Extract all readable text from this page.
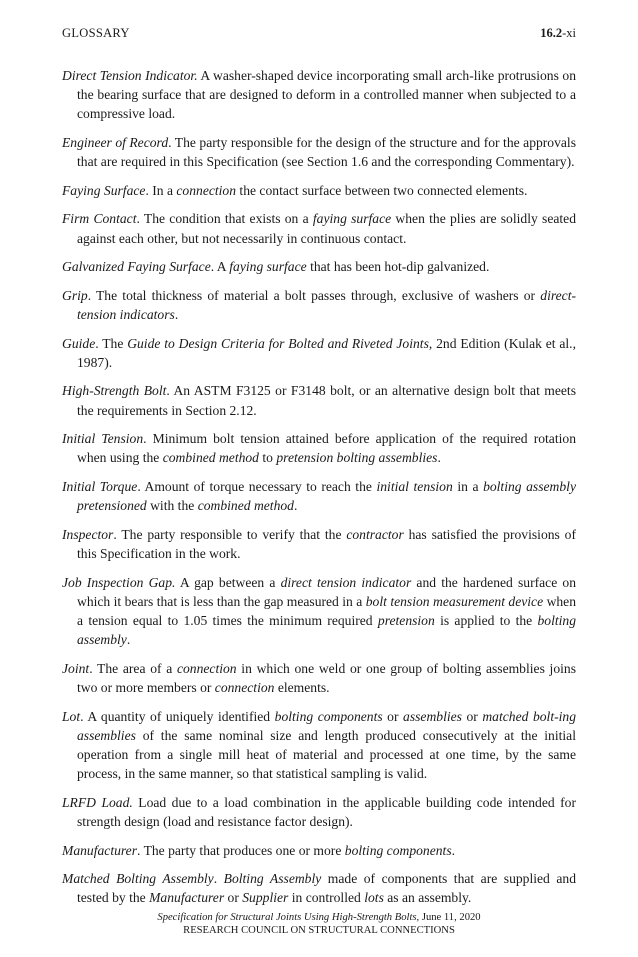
GLOSSARY	16.2-xi

Direct Tension Indicator. A washer-shaped device incorporating small arch-like protrusions on the bearing surface that are designed to deform in a controlled manner when subjected to a compressive load.

Engineer of Record. The party responsible for the design of the structure and for the approvals that are required in this Specification (see Section 1.6 and the corresponding Commentary).

Faying Surface. In a connection the contact surface between two connected elements.

Firm Contact. The condition that exists on a faying surface when the plies are solidly seated against each other, but not necessarily in continuous contact.

Galvanized Faying Surface. A faying surface that has been hot-dip galvanized.

Grip. The total thickness of material a bolt passes through, exclusive of washers or direct-tension indicators.

Guide. The Guide to Design Criteria for Bolted and Riveted Joints, 2nd Edition (Kulak et al., 1987).

High-Strength Bolt. An ASTM F3125 or F3148 bolt, or an alternative design bolt that meets the requirements in Section 2.12.

Initial Tension. Minimum bolt tension attained before application of the required rotation when using the combined method to pretension bolting assemblies.

Initial Torque. Amount of torque necessary to reach the initial tension in a bolting assembly pretensioned with the combined method.

Inspector. The party responsible to verify that the contractor has satisfied the provisions of this Specification in the work.

Job Inspection Gap. A gap between a direct tension indicator and the hardened surface on which it bears that is less than the gap measured in a bolt tension measurement device when a tension equal to 1.05 times the minimum required pretension is applied to the bolting assembly.

Joint. The area of a connection in which one weld or one group of bolting assemblies joins two or more members or connection elements.

Lot. A quantity of uniquely identified bolting components or assemblies or matched bolt-ing assemblies of the same nominal size and length produced consecutively at the initial operation from a single mill heat of material and processed at one time, by the same process, in the same manner, so that statistical sampling is valid.

LRFD Load. Load due to a load combination in the applicable building code intended for strength design (load and resistance factor design).

Manufacturer. The party that produces one or more bolting components.

Matched Bolting Assembly. Bolting Assembly made of components that are supplied and tested by the Manufacturer or Supplier in controlled lots as an assembly.

Specification for Structural Joints Using High-Strength Bolts, June 11, 2020
RESEARCH COUNCIL ON STRUCTURAL CONNECTIONS
